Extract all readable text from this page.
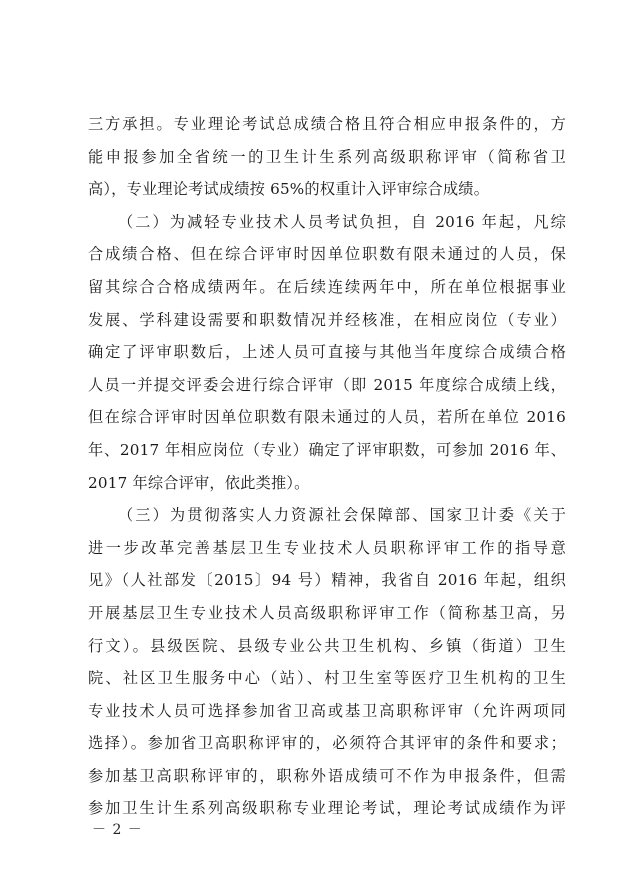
三方承担。专业理论考试总成绩合格且符合相应申报条件的，方
能申报参加全省统一的卫生计生系列高级职称评审（简称省卫
高），专业理论考试成绩按 65%的权重计入评审综合成绩。
（二）为减轻专业技术人员考试负担，自 2016 年起，凡综
合成绩合格、但在综合评审时因单位职数有限未通过的人员，保
留其综合合格成绩两年。在后续连续两年中，所在单位根据事业
发展、学科建设需要和职数情况并经核准，在相应岗位（专业）
确定了评审职数后，上述人员可直接与其他当年度综合成绩合格
人员一并提交评委会进行综合评审（即 2015 年度综合成绩上线，
但在综合评审时因单位职数有限未通过的人员，若所在单位 2016
年、2017 年相应岗位（专业）确定了评审职数，可参加 2016 年、
2017 年综合评审，依此类推）。
（三）为贯彻落实人力资源社会保障部、国家卫计委《关于
进一步改革完善基层卫生专业技术人员职称评审工作的指导意
见》（人社部发〔2015〕94 号）精神，我省自 2016 年起，组织
开展基层卫生专业技术人员高级职称评审工作（简称基卫高，另
行文）。县级医院、县级专业公共卫生机构、乡镇（街道）卫生
院、社区卫生服务中心（站）、村卫生室等医疗卫生机构的卫生
专业技术人员可选择参加省卫高或基卫高职称评审（允许两项同
选择）。参加省卫高职称评审的，必须符合其评审的条件和要求；
参加基卫高职称评审的，职称外语成绩可不作为申报条件，但需
参加卫生计生系列高级职称专业理论考试，理论考试成绩作为评
－ 2 －
